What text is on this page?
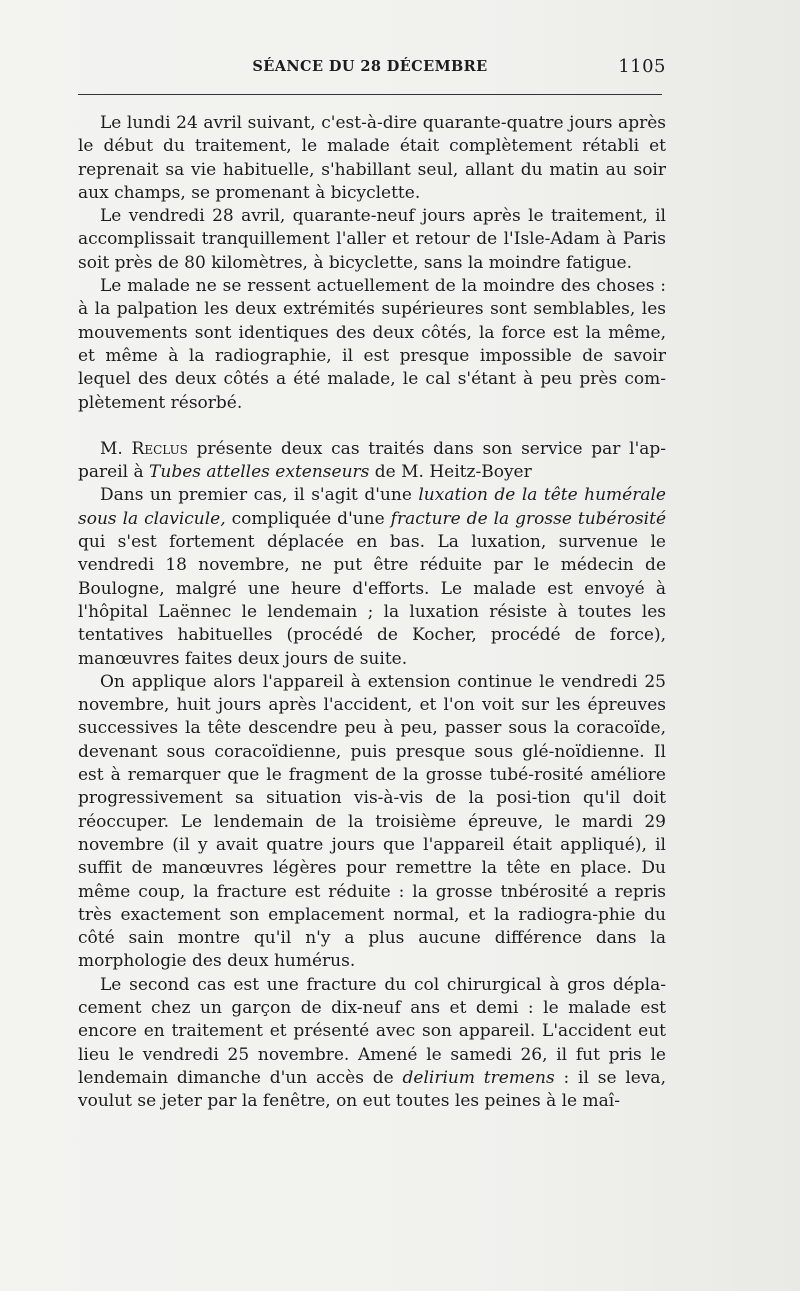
SÉANCE DU 28 DÉCEMBRE	1105

Le lundi 24 avril suivant, c'est-à-dire quarante-quatre jours après le début du traitement, le malade était complètement rétabli et reprenait sa vie habituelle, s'habillant seul, allant du matin au soir aux champs, se promenant à bicyclette.

Le vendredi 28 avril, quarante-neuf jours après le traitement, il accomplissait tranquillement l'aller et retour de l'Isle-Adam à Paris soit près de 80 kilomètres, à bicyclette, sans la moindre fatigue.

Le malade ne se ressent actuellement de la moindre des choses : à la palpation les deux extrémités supérieures sont semblables, les mouvements sont identiques des deux côtés, la force est la même, et même à la radiographie, il est presque impossible de savoir lequel des deux côtés a été malade, le cal s'étant à peu près com-plètement résorbé.

M. Reclus présente deux cas traités dans son service par l'ap-pareil à Tubes attelles extenseurs de M. Heitz-Boyer

Dans un premier cas, il s'agit d'une luxation de la tête humérale sous la clavicule, compliquée d'une fracture de la grosse tubérosité qui s'est fortement déplacée en bas. La luxation, survenue le vendredi 18 novembre, ne put être réduite par le médecin de Boulogne, malgré une heure d'efforts. Le malade est envoyé à l'hôpital Laënnec le lendemain ; la luxation résiste à toutes les tentatives habituelles (procédé de Kocher, procédé de force), manœuvres faites deux jours de suite.

On applique alors l'appareil à extension continue le vendredi 25 novembre, huit jours après l'accident, et l'on voit sur les épreuves successives la tête descendre peu à peu, passer sous la coracoïde, devenant sous coracoïdienne, puis presque sous glé-noïdienne. Il est à remarquer que le fragment de la grosse tubé-rosité améliore progressivement sa situation vis-à-vis de la posi-tion qu'il doit réoccuper. Le lendemain de la troisième épreuve, le mardi 29 novembre (il y avait quatre jours que l'appareil était appliqué), il suffit de manœuvres légères pour remettre la tête en place. Du même coup, la fracture est réduite : la grosse tnbérosité a repris très exactement son emplacement normal, et la radiogra-phie du côté sain montre qu'il n'y a plus aucune différence dans la morphologie des deux humérus.

Le second cas est une fracture du col chirurgical à gros dépla-cement chez un garçon de dix-neuf ans et demi : le malade est encore en traitement et présenté avec son appareil. L'accident eut lieu le vendredi 25 novembre. Amené le samedi 26, il fut pris le lendemain dimanche d'un accès de delirium tremens : il se leva, voulut se jeter par la fenêtre, on eut toutes les peines à le maî-
